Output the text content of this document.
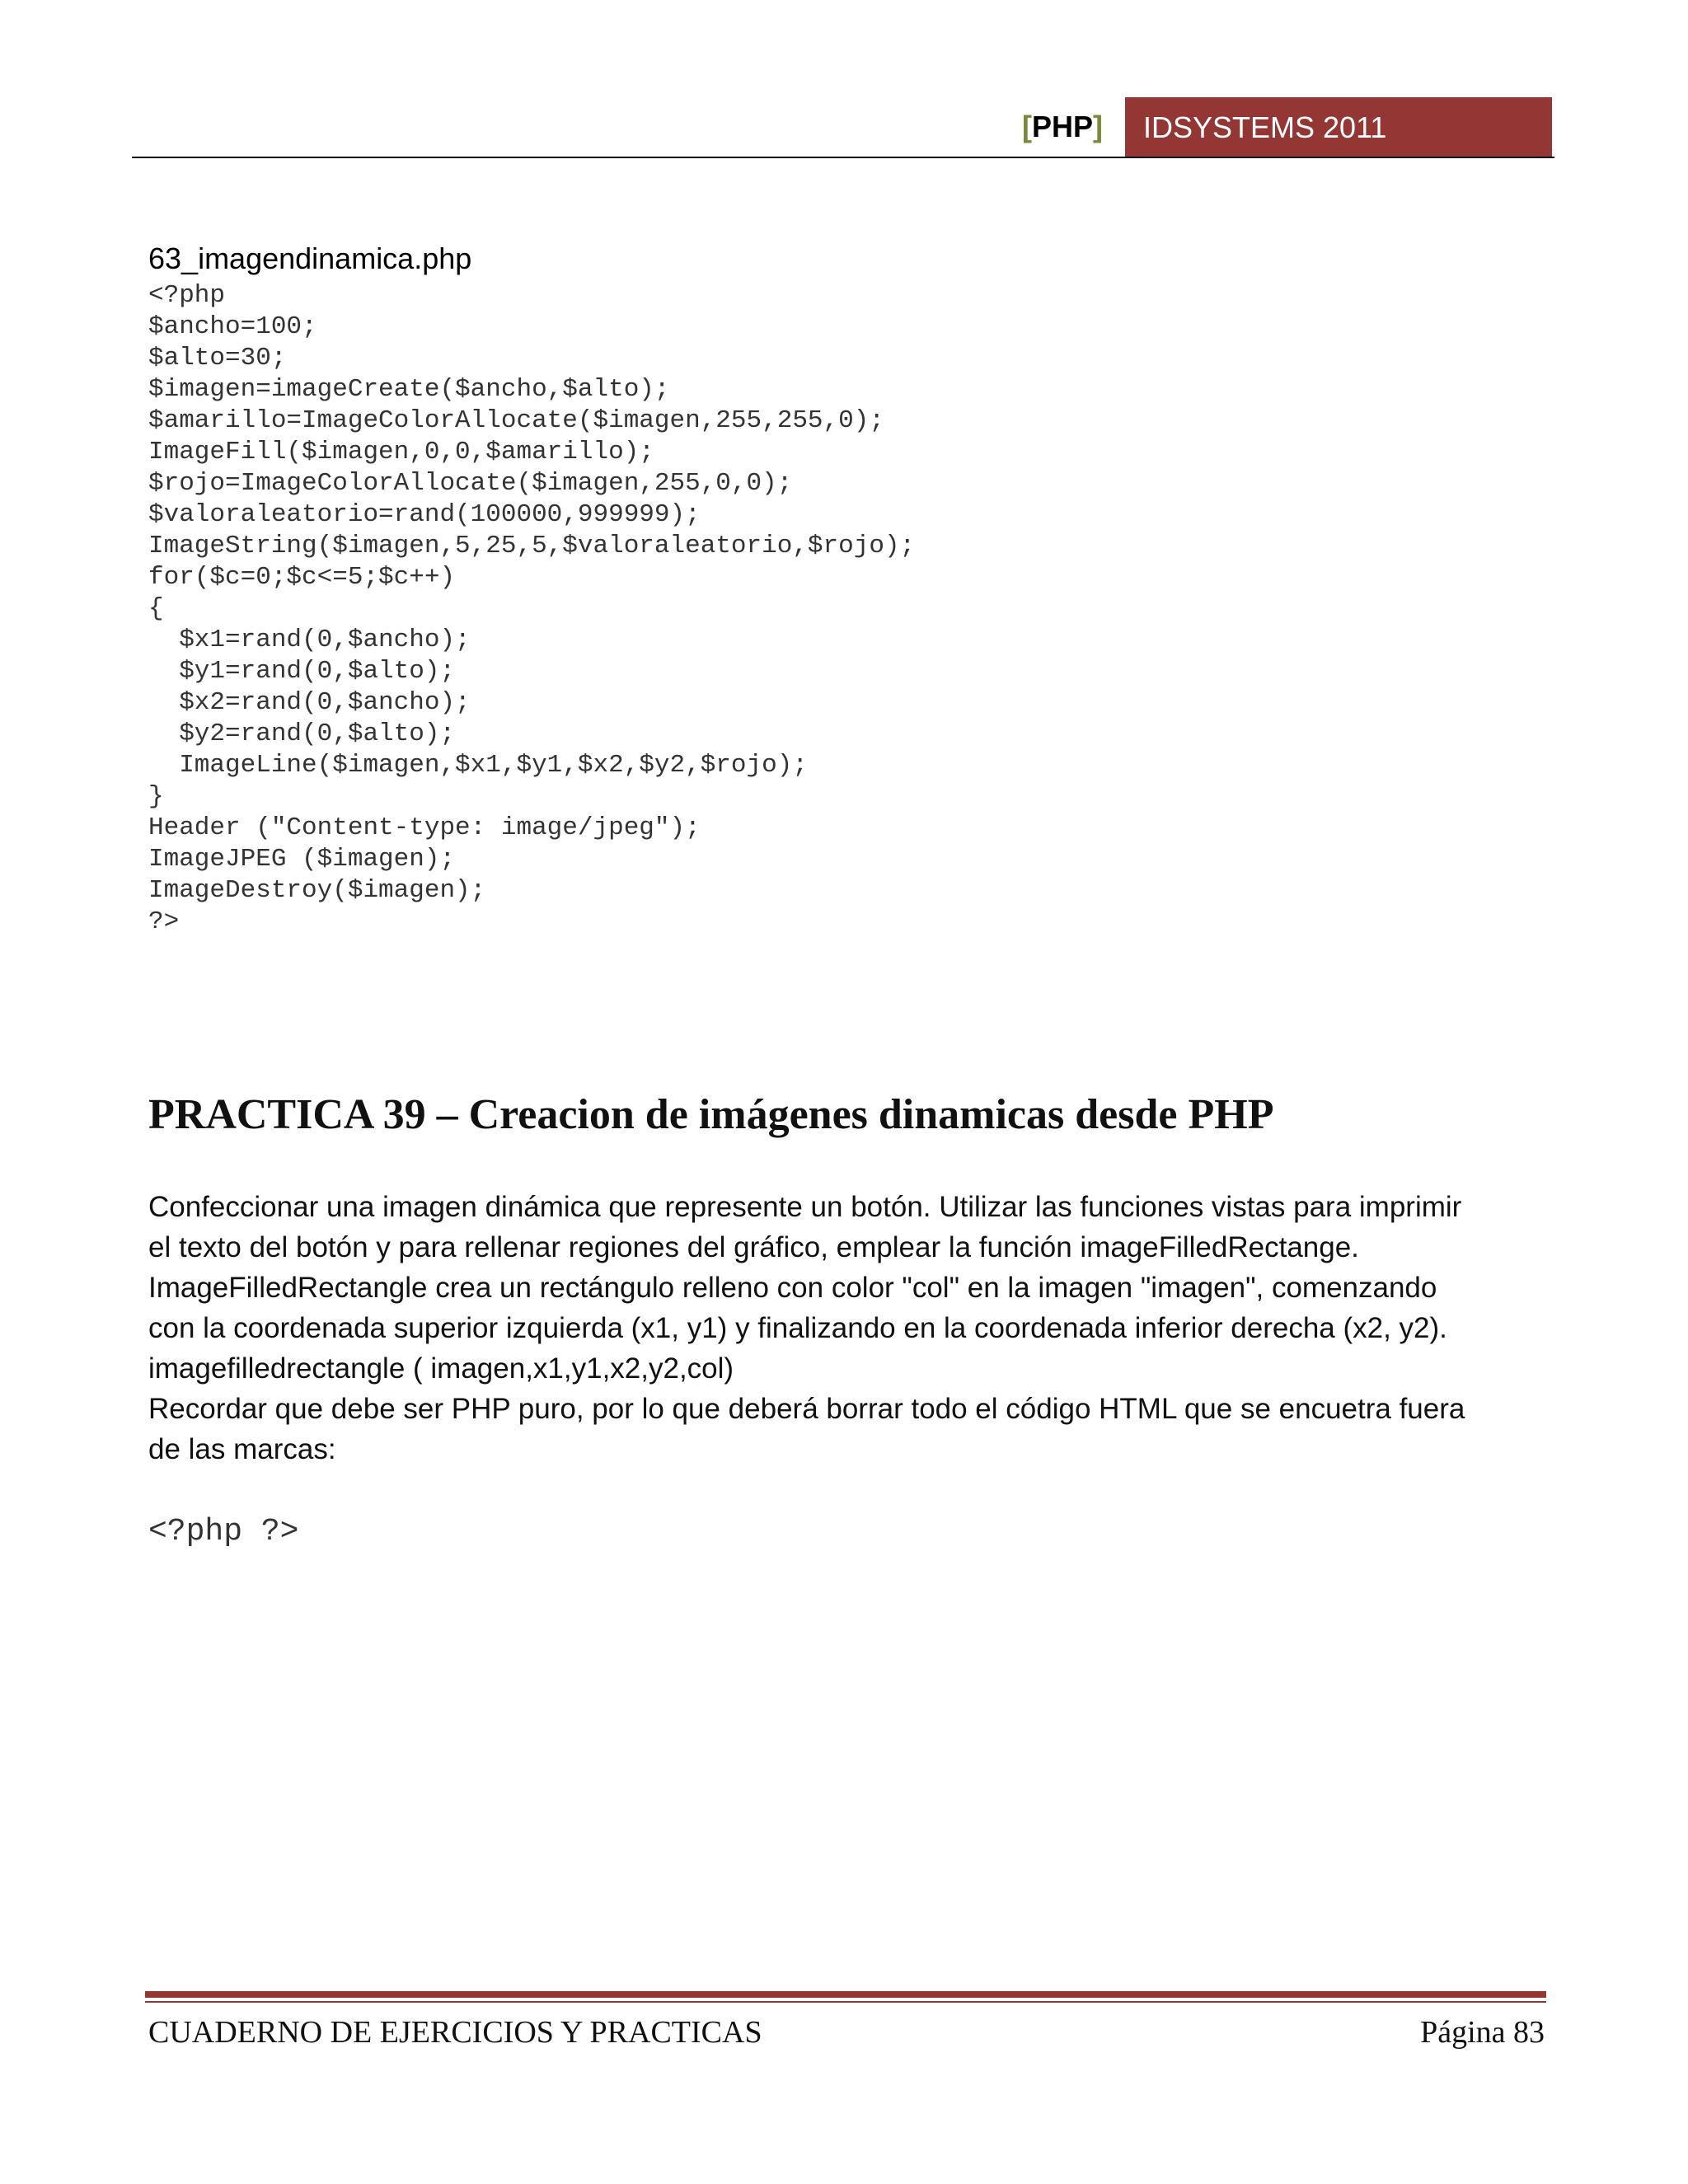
[PHP]	IDSYSTEMS 2011
63_imagendinamica.php
<?php
$ancho=100;
$alto=30;
$imagen=imageCreate($ancho,$alto);
$amarillo=ImageColorAllocate($imagen,255,255,0);
ImageFill($imagen,0,0,$amarillo);
$rojo=ImageColorAllocate($imagen,255,0,0);
$valoraleatorio=rand(100000,999999);
ImageString($imagen,5,25,5,$valoraleatorio,$rojo);
for($c=0;$c<=5;$c++)
{
$x1=rand(0,$ancho);
$y1=rand(0,$alto);
$x2=rand(0,$ancho);
$y2=rand(0,$alto);
ImageLine($imagen,$x1,$y1,$x2,$y2,$rojo);
}
Header ("Content-type: image/jpeg");
ImageJPEG ($imagen);
ImageDestroy($imagen);
?>
PRACTICA 39 – Creacion de imágenes dinamicas desde PHP

Confeccionar una imagen dinámica que represente un botón. Utilizar las funciones vistas para imprimir
el texto del botón y para rellenar regiones del gráfico, emplear la función imageFilledRectange.
ImageFilledRectangle crea un rectángulo relleno con color "col" en la imagen "imagen", comenzando
con la coordenada superior izquierda (x1, y1) y finalizando en la coordenada inferior derecha (x2, y2).
imagefilledrectangle ( imagen,x1,y1,x2,y2,col)
Recordar que debe ser PHP puro, por lo que deberá borrar todo el código HTML que se encuetra fuera
de las marcas:

<?php ?>
CUADERNO DE EJERCICIOS Y PRACTICAS	Página 83
